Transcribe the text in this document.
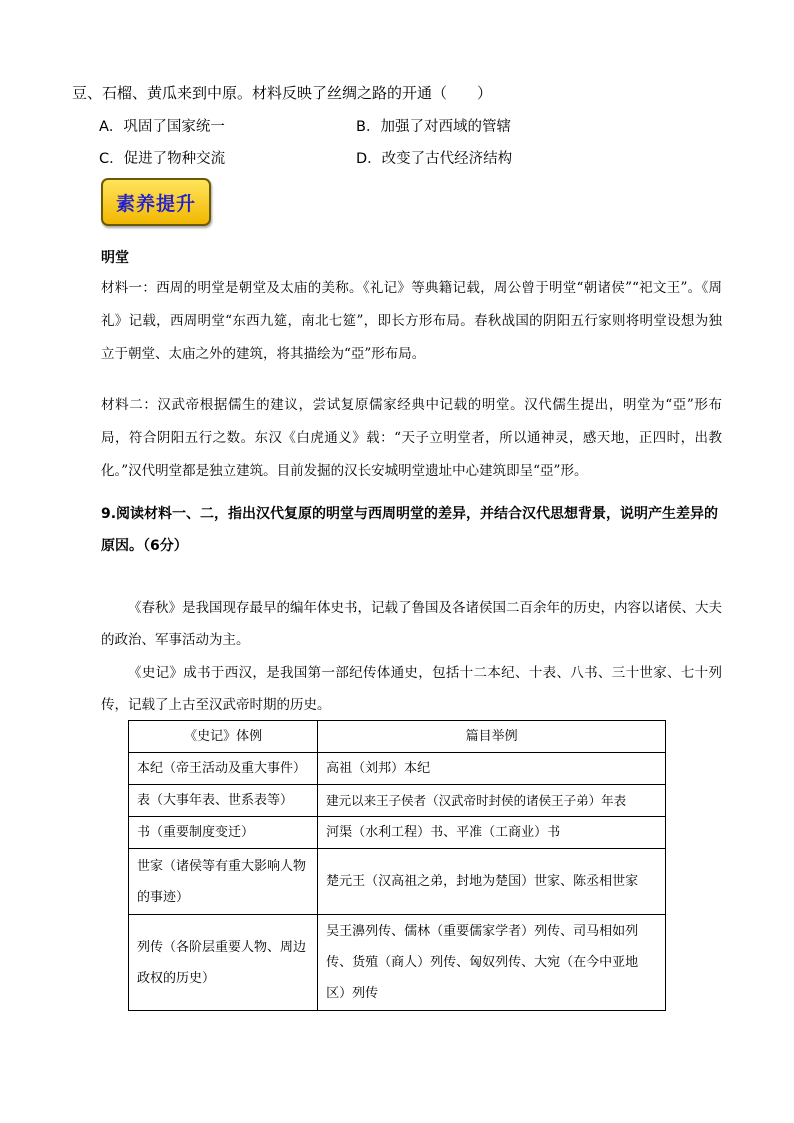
豆、石榴、黄瓜来到中原。材料反映了丝绸之路的开通（　　）
A．巩固了国家统一	B．加强了对西域的管辖
C．促进了物种交流	D．改变了古代经济结构
素养提升
明堂
材料一：西周的明堂是朝堂及太庙的美称。《礼记》等典籍记载，周公曾于明堂“朝诸侯”“祀文王”。《周礼》记载，西周明堂“东西九筵，南北七筵”，即长方形布局。春秋战国的阴阳五行家则将明堂设想为独立于朝堂、太庙之外的建筑，将其描绘为“亞”形布局。
材料二：汉武帝根据儒生的建议，尝试复原儒家经典中记载的明堂。汉代儒生提出，明堂为“亞”形布局，符合阴阳五行之数。东汉《白虎通义》载：“天子立明堂者，所以通神灵，感天地，正四时，出教化。”汉代明堂都是独立建筑。目前发掘的汉长安城明堂遗址中心建筑即呈“亞”形。
9.阅读材料一、二，指出汉代复原的明堂与西周明堂的差异，并结合汉代思想背景，说明产生差异的原因。（6分）
《春秋》是我国现存最早的编年体史书，记载了鲁国及各诸侯国二百余年的历史，内容以诸侯、大夫的政治、军事活动为主。
《史记》成书于西汉，是我国第一部纪传体通史，包括十二本纪、十表、八书、三十世家、七十列传，记载了上古至汉武帝时期的历史。
《史记》体例	篇目举例
本纪（帝王活动及重大事件）	高祖（刘邦）本纪
表（大事年表、世系表等）	建元以来王子侯者（汉武帝时封侯的诸侯王子弟）年表
书（重要制度变迁）	河渠（水利工程）书、平准（工商业）书
世家（诸侯等有重大影响人物的事迹）	楚元王（汉高祖之弟，封地为楚国）世家、陈丞相世家
列传（各阶层重要人物、周边政权的历史）	吴王濞列传、儒林（重要儒家学者）列传、司马相如列传、货殖（商人）列传、匈奴列传、大宛（在今中亚地区）列传
